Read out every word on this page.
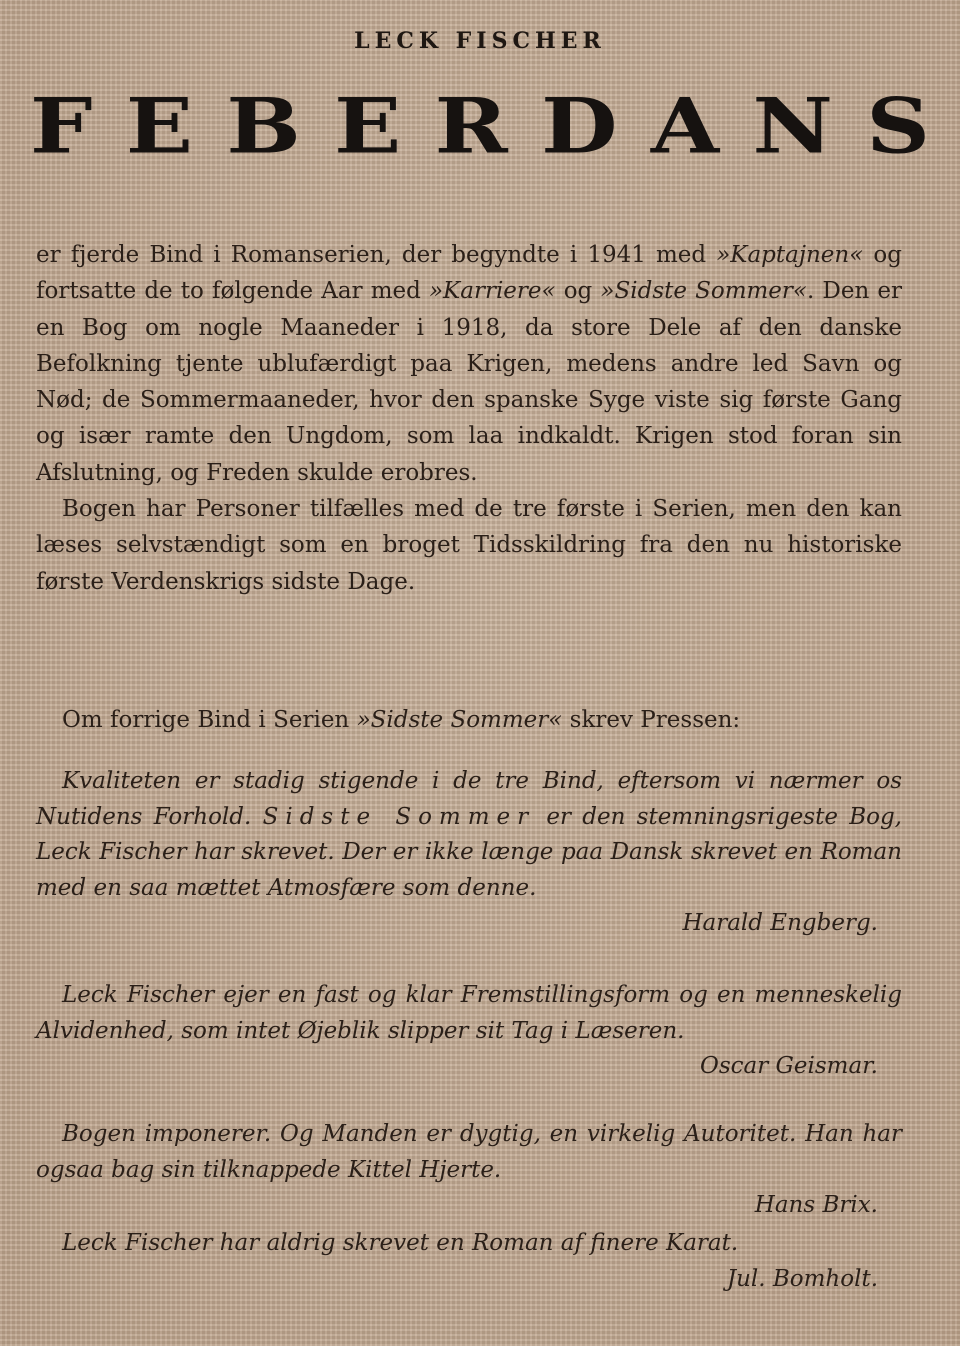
LECK FISCHER
F E B E R D A N S

er fjerde Bind i Romanserien, der begyndte i 1941 med »Kaptajnen« og fortsatte de to følgende Aar med »Karriere« og »Sidste Sommer«. Den er en Bog om nogle Maaneder i 1918, da store Dele af den danske Befolkning tjente ublufærdigt paa Krigen, medens andre led Savn og Nød; de Sommermaaneder, hvor den spanske Syge viste sig første Gang og især ramte den Ungdom, som laa indkaldt. Krigen stod foran sin Afslutning, og Freden skulde erobres.

Bogen har Personer tilfælles med de tre første i Serien, men den kan læses selvstændigt som en broget Tidsskildring fra den nu historiske første Verdenskrigs sidste Dage.

Om forrige Bind i Serien »Sidste Sommer« skrev Pressen:

Kvaliteten er stadig stigende i de tre Bind, eftersom vi nærmer os Nutidens Forhold. Sidste Sommer er den stemningsrigeste Bog, Leck Fischer har skrevet. Der er ikke længe paa Dansk skrevet en Roman med en saa mættet Atmosfære som denne.

Harald Engberg.

Leck Fischer ejer en fast og klar Fremstillingsform og en menneskelig Alvidenhed, som intet Øjeblik slipper sit Tag i Læseren.

Oscar Geismar.

Bogen imponerer. Og Manden er dygtig, en virkelig Autoritet. Han har ogsaa bag sin tilknappede Kittel Hjerte.

Hans Brix.

Leck Fischer har aldrig skrevet en Roman af finere Karat.

Jul. Bomholt.
